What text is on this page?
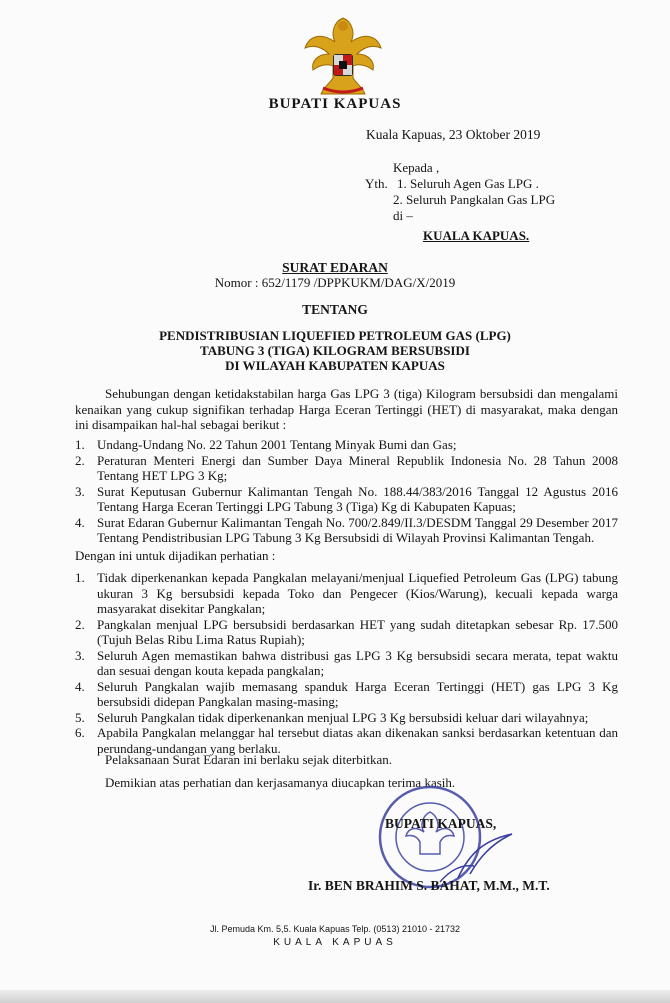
BUPATI KAPUAS
Kuala Kapuas, 23 Oktober 2019
Kepada ,
Yth. 1. Seluruh Agen Gas LPG .
2. Seluruh Pangkalan Gas LPG
di –
KUALA KAPUAS.
SURAT EDARAN
Nomor : 652/1179 /DPPKUKM/DAG/X/2019
TENTANG
PENDISTRIBUSIAN LIQUEFIED PETROLEUM GAS (LPG)
TABUNG 3 (TIGA) KILOGRAM BERSUBSIDI
DI WILAYAH KABUPATEN KAPUAS
Sehubungan dengan ketidakstabilan harga Gas LPG 3 (tiga) Kilogram bersubsidi dan mengalami kenaikan yang cukup signifikan terhadap Harga Eceran Tertinggi (HET) di masyarakat, maka dengan ini disampaikan hal-hal sebagai berikut :
1. Undang-Undang No. 22 Tahun 2001 Tentang Minyak Bumi dan Gas;
2. Peraturan Menteri Energi dan Sumber Daya Mineral Republik Indonesia No. 28 Tahun 2008 Tentang HET LPG 3 Kg;
3. Surat Keputusan Gubernur Kalimantan Tengah No. 188.44/383/2016 Tanggal 12 Agustus 2016 Tentang Harga Eceran Tertinggi LPG Tabung 3 (Tiga) Kg di Kabupaten Kapuas;
4. Surat Edaran Gubernur Kalimantan Tengah No. 700/2.849/II.3/DESDM Tanggal 29 Desember 2017 Tentang Pendistribusian LPG Tabung 3 Kg Bersubsidi di Wilayah Provinsi Kalimantan Tengah.
Dengan ini untuk dijadikan perhatian :
1. Tidak diperkenankan kepada Pangkalan melayani/menjual Liquefied Petroleum Gas (LPG) tabung ukuran 3 Kg bersubsidi kepada Toko dan Pengecer (Kios/Warung), kecuali kepada warga masyarakat disekitar Pangkalan;
2. Pangkalan menjual LPG bersubsidi berdasarkan HET yang sudah ditetapkan sebesar Rp. 17.500 (Tujuh Belas Ribu Lima Ratus Rupiah);
3. Seluruh Agen memastikan bahwa distribusi gas LPG 3 Kg bersubsidi secara merata, tepat waktu dan sesuai dengan kouta kepada pangkalan;
4. Seluruh Pangkalan wajib memasang spanduk Harga Eceran Tertinggi (HET) gas LPG 3 Kg bersubsidi didepan Pangkalan masing-masing;
5. Seluruh Pangkalan tidak diperkenankan menjual LPG 3 Kg bersubsidi keluar dari wilayahnya;
6. Apabila Pangkalan melanggar hal tersebut diatas akan dikenakan sanksi berdasarkan ketentuan dan perundang-undangan yang berlaku.
Pelaksanaan Surat Edaran ini berlaku sejak diterbitkan.
Demikian atas perhatian dan kerjasamanya diucapkan terima kasih.
BUPATI KAPUAS,
Ir. BEN BRAHIM S. BAHAT, M.M., M.T.
Jl. Pemuda Km. 5,5. Kuala Kapuas Telp. (0513) 21010 - 21732
KUALA KAPUAS
